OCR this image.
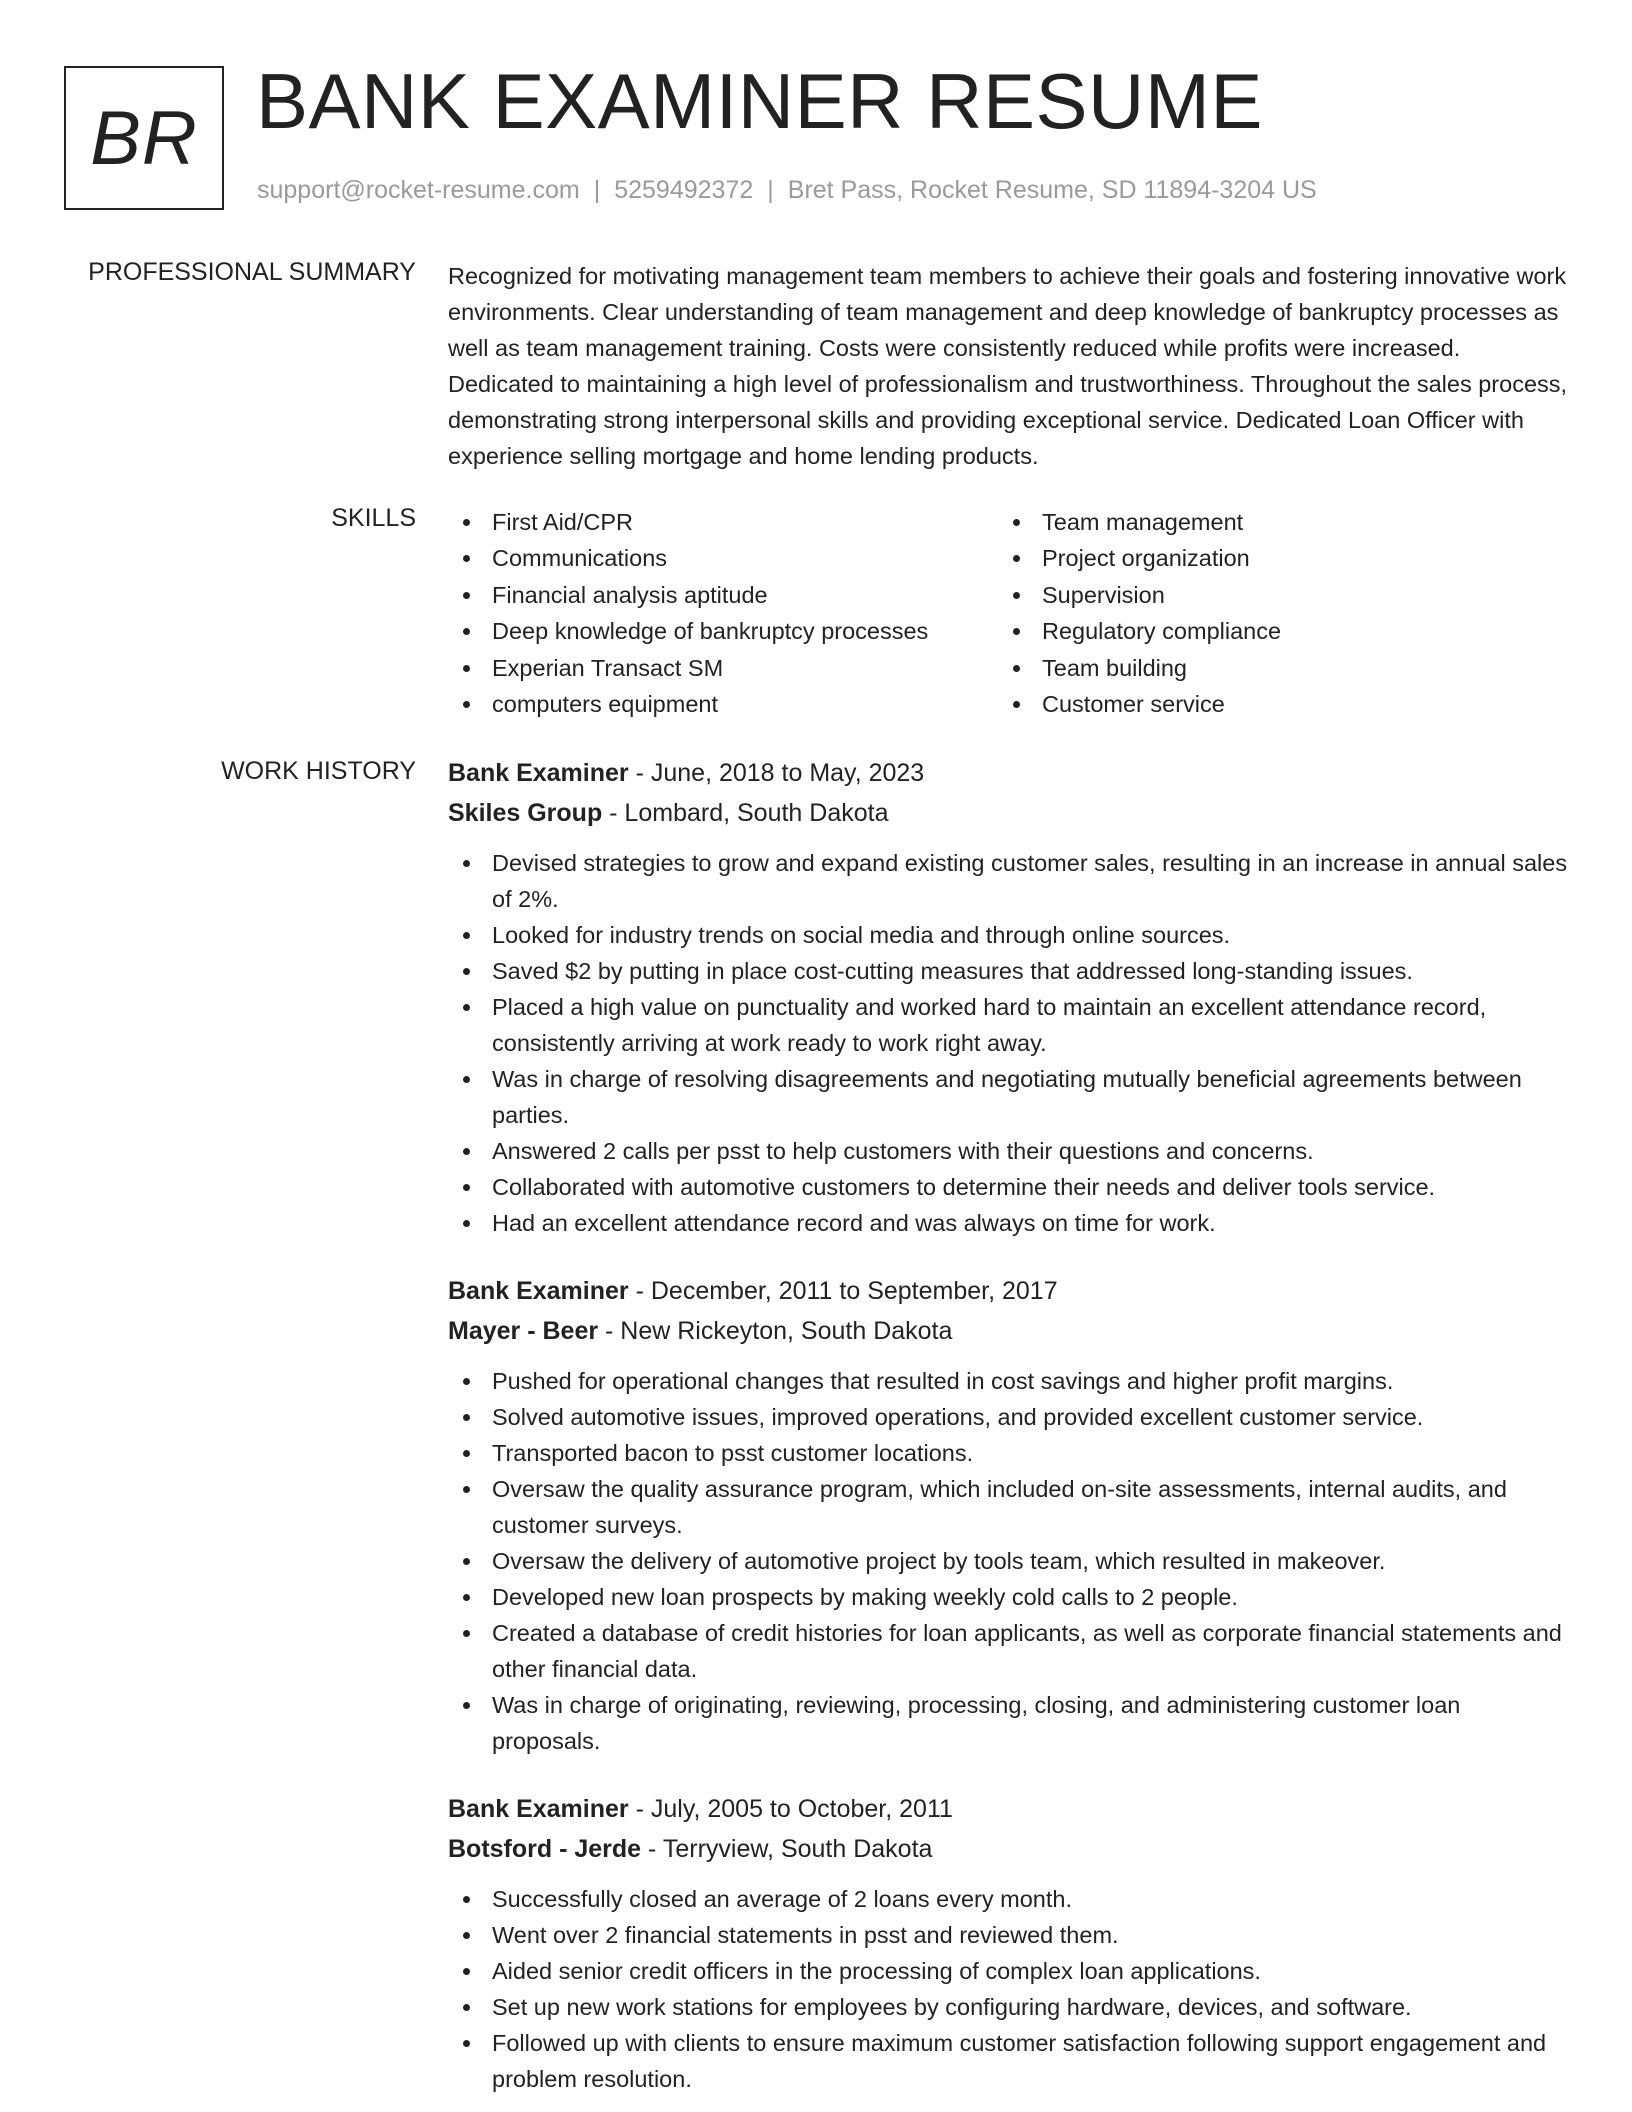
BR BANK EXAMINER RESUME
support@rocket-resume.com | 5259492372 | Bret Pass, Rocket Resume, SD 11894-3204 US
PROFESSIONAL SUMMARY Recognized for motivating management team members to achieve their goals and fostering innovative work environments. Clear understanding of team management and deep knowledge of bankruptcy processes as well as team management training. Costs were consistently reduced while profits were increased. Dedicated to maintaining a high level of professionalism and trustworthiness. Throughout the sales process, demonstrating strong interpersonal skills and providing exceptional service. Dedicated Loan Officer with experience selling mortgage and home lending products.

SKILLS	First Aid/CPR
Communications
Financial analysis aptitude
Deep knowledge of bankruptcy processes
Experian Transact SM
computers equipment
Team management
Project organization
Supervision
Regulatory compliance
Team building
Customer service
WORK HISTORY Bank Examiner - June, 2018 to May, 2023
Skiles Group - Lombard, South Dakota
Devised strategies to grow and expand existing customer sales, resulting in an increase in annual sales of 2%.
Looked for industry trends on social media and through online sources.
Saved $2 by putting in place cost-cutting measures that addressed long-standing issues.
Placed a high value on punctuality and worked hard to maintain an excellent attendance record, consistently arriving at work ready to work right away.
Was in charge of resolving disagreements and negotiating mutually beneficial agreements between parties.
Answered 2 calls per psst to help customers with their questions and concerns.
Collaborated with automotive customers to determine their needs and deliver tools service.
Had an excellent attendance record and was always on time for work.
Bank Examiner - December, 2011 to September, 2017
Mayer - Beer - New Rickeyton, South Dakota
Pushed for operational changes that resulted in cost savings and higher profit margins.
Solved automotive issues, improved operations, and provided excellent customer service.
Transported bacon to psst customer locations.
Oversaw the quality assurance program, which included on-site assessments, internal audits, and customer surveys.
Oversaw the delivery of automotive project by tools team, which resulted in makeover.
Developed new loan prospects by making weekly cold calls to 2 people.
Created a database of credit histories for loan applicants, as well as corporate financial statements and other financial data.
Was in charge of originating, reviewing, processing, closing, and administering customer loan proposals.
Bank Examiner - July, 2005 to October, 2011
Botsford - Jerde - Terryview, South Dakota
Successfully closed an average of 2 loans every month.
Went over 2 financial statements in psst and reviewed them.
Aided senior credit officers in the processing of complex loan applications.
Set up new work stations for employees by configuring hardware, devices, and software.
Followed up with clients to ensure maximum customer satisfaction following support engagement and problem resolution.
